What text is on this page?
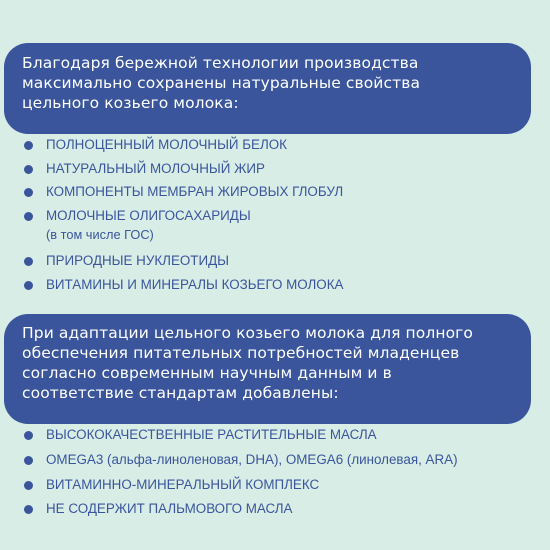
Благодаря бережной технологии производства
максимально сохранены натуральные свойства
цельного козьего молока:
ПОЛНОЦЕННЫЙ МОЛОЧНЫЙ БЕЛОК
НАТУРАЛЬНЫЙ МОЛОЧНЫЙ ЖИР
КОМПОНЕНТЫ МЕМБРАН ЖИРОВЫХ ГЛОБУЛ
МОЛОЧНЫЕ ОЛИГОСАХАРИДЫ
(в том числе ГОС)
ПРИРОДНЫЕ НУКЛЕОТИДЫ
ВИТАМИНЫ И МИНЕРАЛЫ КОЗЬЕГО МОЛОКА
При адаптации цельного козьего молока для полного
обеспечения питательных потребностей младенцев
согласно современным научным данным и в
соответствие стандартам добавлены:
ВЫСОКОКАЧЕСТВЕННЫЕ РАСТИТЕЛЬНЫЕ МАСЛА
OMEGA3 (альфа-линоленовая, DHA), OMEGA6 (линолевая, ARA)
ВИТАМИННО-МИНЕРАЛЬНЫЙ КОМПЛЕКС
НЕ СОДЕРЖИТ ПАЛЬМОВОГО МАСЛА
